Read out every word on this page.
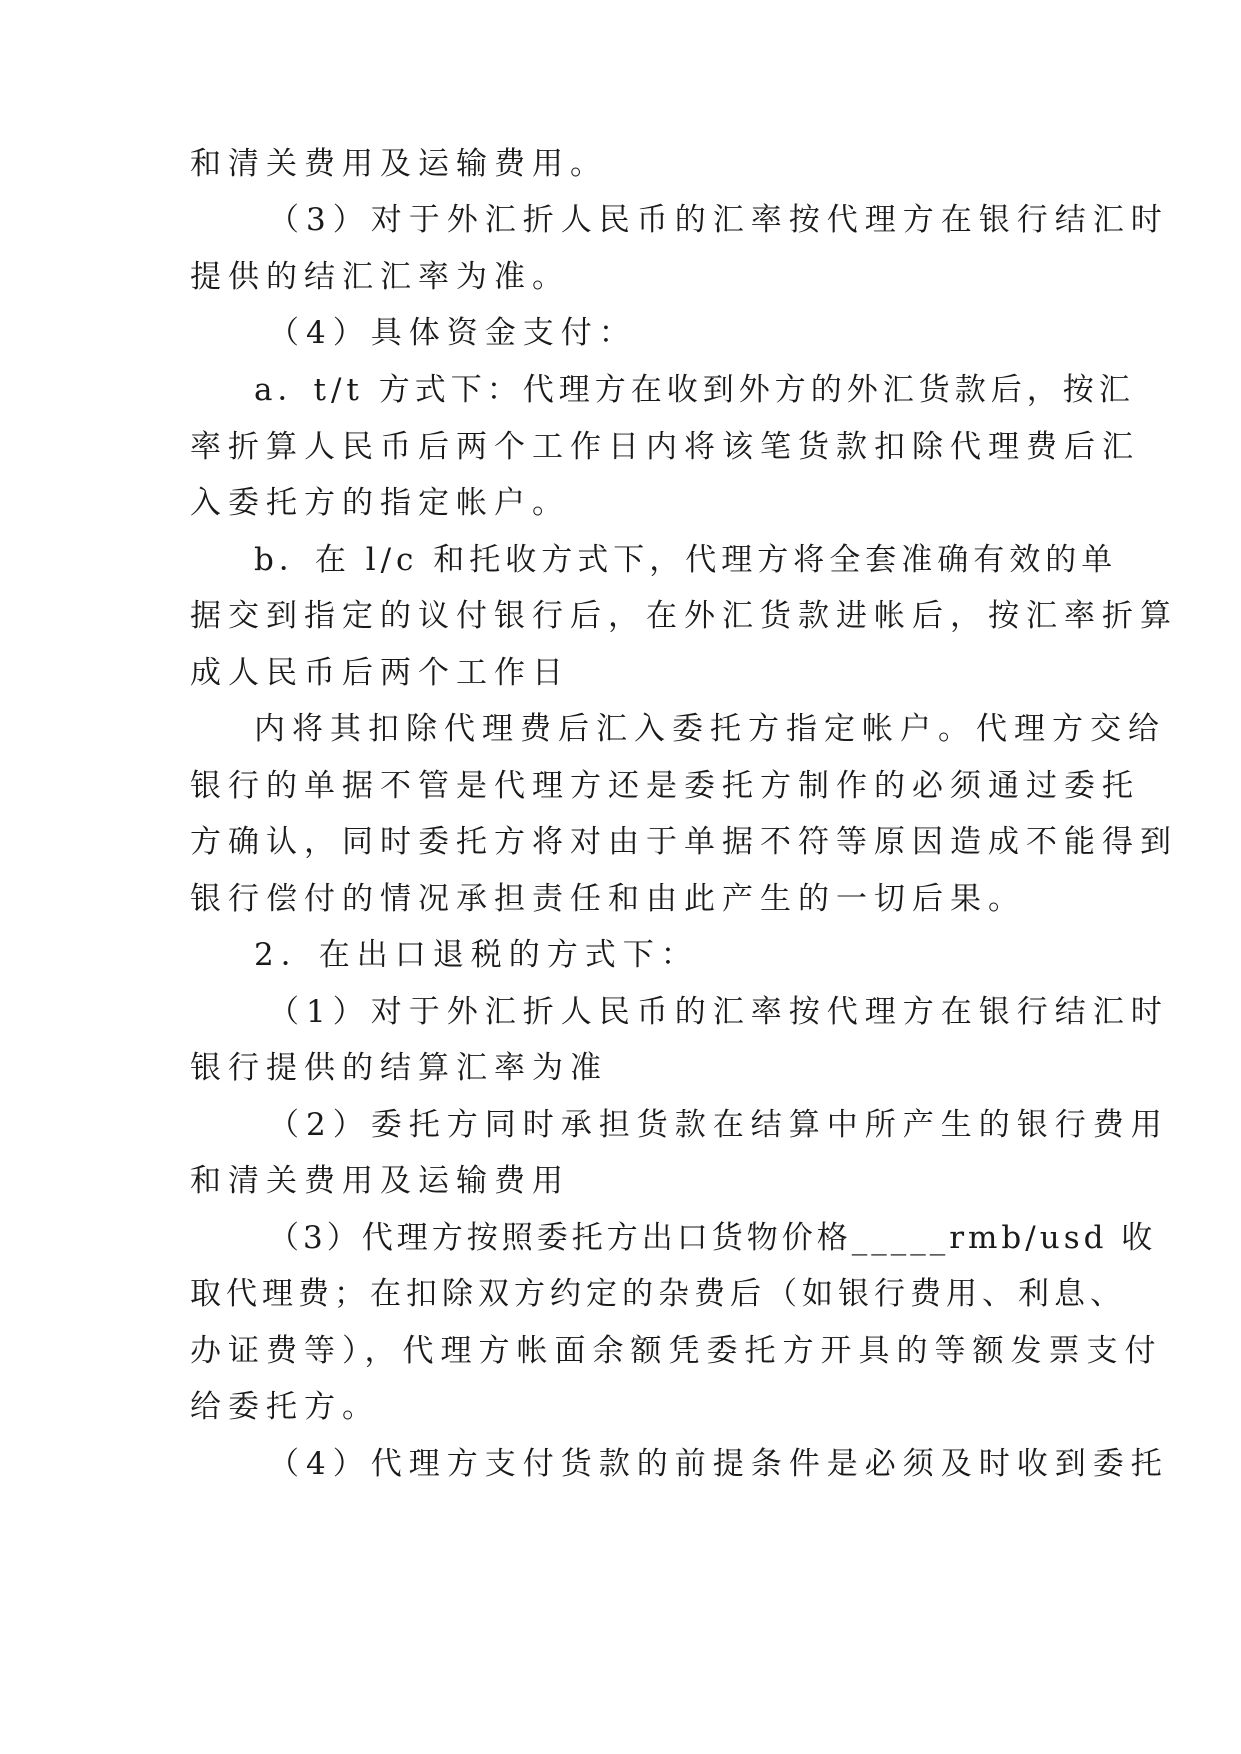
和清关费用及运输费用。
（3）对于外汇折人民币的汇率按代理方在银行结汇时
提供的结汇汇率为准。
（4）具体资金支付：
a．t/t 方式下：代理方在收到外方的外汇货款后，按汇
率折算人民币后两个工作日内将该笔货款扣除代理费后汇
入委托方的指定帐户。
b．在 l/c 和托收方式下，代理方将全套准确有效的单
据交到指定的议付银行后，在外汇货款进帐后，按汇率折算
成人民币后两个工作日
内将其扣除代理费后汇入委托方指定帐户。代理方交给
银行的单据不管是代理方还是委托方制作的必须通过委托
方确认，同时委托方将对由于单据不符等原因造成不能得到
银行偿付的情况承担责任和由此产生的一切后果。
2．在出口退税的方式下：
（1）对于外汇折人民币的汇率按代理方在银行结汇时
银行提供的结算汇率为准
（2）委托方同时承担货款在结算中所产生的银行费用
和清关费用及运输费用
（3）代理方按照委托方出口货物价格_____rmb/usd 收
取代理费；在扣除双方约定的杂费后（如银行费用、利息、
办证费等），代理方帐面余额凭委托方开具的等额发票支付
给委托方。
（4）代理方支付货款的前提条件是必须及时收到委托
